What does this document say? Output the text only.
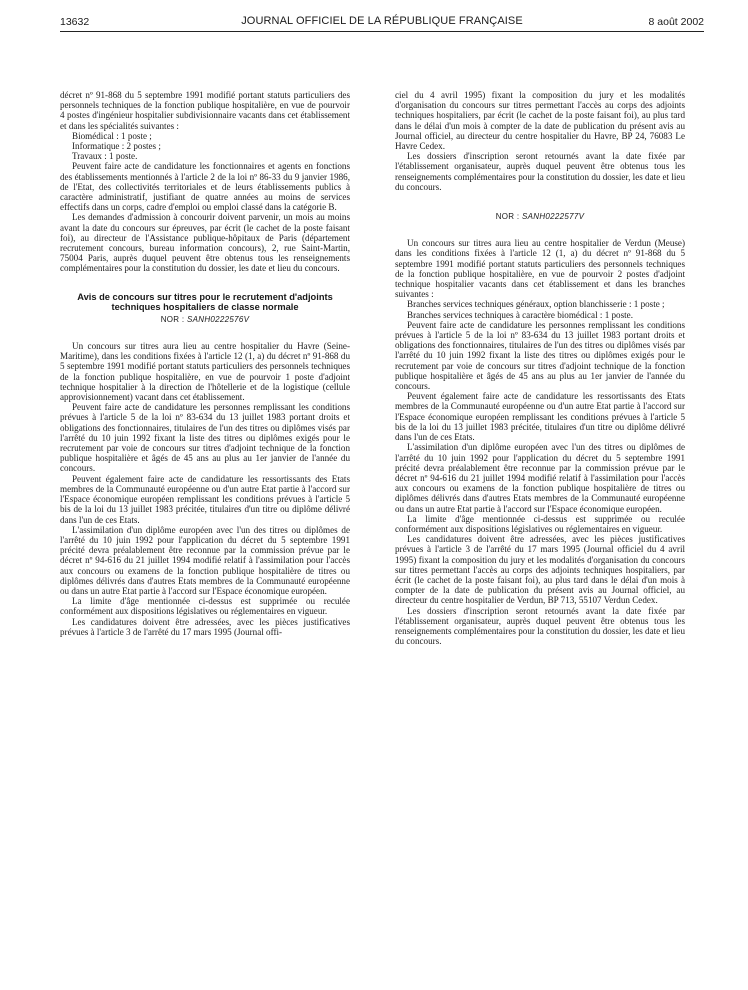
13632	JOURNAL OFFICIEL DE LA RÉPUBLIQUE FRANÇAISE	8 août 2002

décret nº 91-868 du 5 septembre 1991 modifié portant statuts particuliers des personnels techniques de la fonction publique hospitalière, en vue de pourvoir 4 postes d'ingénieur hospitalier subdivisionnaire vacants dans cet établissement et dans les spécialités suivantes :

Biomédical : 1 poste ;

Informatique : 2 postes ;

Travaux : 1 poste.

Peuvent faire acte de candidature les fonctionnaires et agents en fonctions des établissements mentionnés à l'article 2 de la loi nº 86-33 du 9 janvier 1986, de l'Etat, des collectivités territoriales et de leurs établissements publics à caractère administratif, justifiant de quatre années au moins de services effectifs dans un corps, cadre d'emploi ou emploi classé dans la catégorie B.

Les demandes d'admission à concourir doivent parvenir, un mois au moins avant la date du concours sur épreuves, par écrit (le cachet de la poste faisant foi), au directeur de l'Assistance publique-hôpitaux de Paris (département recrutement concours, bureau information concours), 2, rue Saint-Martin, 75004 Paris, auprès duquel peuvent être obtenus tous les renseignements complémentaires pour la constitution du dossier, les date et lieu du concours.

Avis de concours sur titres pour le recrutement d'adjoints techniques hospitaliers de classe normale

NOR : SANH0222576V

Un concours sur titres aura lieu au centre hospitalier du Havre (Seine-Maritime), dans les conditions fixées à l'article 12 (1, a) du décret nº 91-868 du 5 septembre 1991 modifié portant statuts particuliers des personnels techniques de la fonction publique hospitalière, en vue de pourvoir 1 poste d'adjoint technique hospitalier à la direction de l'hôtellerie et de la logistique (cellule approvisionnement) vacant dans cet établissement.

Peuvent faire acte de candidature les personnes remplissant les conditions prévues à l'article 5 de la loi nº 83-634 du 13 juillet 1983 portant droits et obligations des fonctionnaires, titulaires de l'un des titres ou diplômes visés par l'arrêté du 10 juin 1992 fixant la liste des titres ou diplômes exigés pour le recrutement par voie de concours sur titres d'adjoint technique de la fonction publique hospitalière et âgés de 45 ans au plus au 1er janvier de l'année du concours.

Peuvent également faire acte de candidature les ressortissants des Etats membres de la Communauté européenne ou d'un autre Etat partie à l'accord sur l'Espace économique européen remplissant les conditions prévues à l'article 5 bis de la loi du 13 juillet 1983 précitée, titulaires d'un titre ou diplôme délivré dans l'un de ces Etats.

L'assimilation d'un diplôme européen avec l'un des titres ou diplômes de l'arrêté du 10 juin 1992 pour l'application du décret du 5 septembre 1991 précité devra préalablement être reconnue par la commission prévue par le décret nº 94-616 du 21 juillet 1994 modifié relatif à l'assimilation pour l'accès aux concours ou examens de la fonction publique hospitalière de titres ou diplômes délivrés dans d'autres Etats membres de la Communauté européenne ou dans un autre Etat partie à l'accord sur l'Espace économique européen.

La limite d'âge mentionnée ci-dessus est supprimée ou reculée conformément aux dispositions législatives ou réglementaires en vigueur.

Les candidatures doivent être adressées, avec les pièces justificatives prévues à l'article 3 de l'arrêté du 17 mars 1995 (Journal offi-

ciel du 4 avril 1995) fixant la composition du jury et les modalités d'organisation du concours sur titres permettant l'accès au corps des adjoints techniques hospitaliers, par écrit (le cachet de la poste faisant foi), au plus tard dans le délai d'un mois à compter de la date de publication du présent avis au Journal officiel, au directeur du centre hospitalier du Havre, BP 24, 76083 Le Havre Cedex.

Les dossiers d'inscription seront retournés avant la date fixée par l'établissement organisateur, auprès duquel peuvent être obtenus tous les renseignements complémentaires pour la constitution du dossier, les date et lieu du concours.

NOR : SANH0222577V

Un concours sur titres aura lieu au centre hospitalier de Verdun (Meuse) dans les conditions fixées à l'article 12 (1, a) du décret nº 91-868 du 5 septembre 1991 modifié portant statuts particuliers des personnels techniques de la fonction publique hospitalière, en vue de pourvoir 2 postes d'adjoint technique hospitalier vacants dans cet établissement et dans les branches suivantes :

Branches services techniques généraux, option blanchisserie : 1 poste ;

Branches services techniques à caractère biomédical : 1 poste.

Peuvent faire acte de candidature les personnes remplissant les conditions prévues à l'article 5 de la loi nº 83-634 du 13 juillet 1983 portant droits et obligations des fonctionnaires, titulaires de l'un des titres ou diplômes visés par l'arrêté du 10 juin 1992 fixant la liste des titres ou diplômes exigés pour le recrutement par voie de concours sur titres d'adjoint technique de la fonction publique hospitalière et âgés de 45 ans au plus au 1er janvier de l'année du concours.

Peuvent également faire acte de candidature les ressortissants des Etats membres de la Communauté européenne ou d'un autre Etat partie à l'accord sur l'Espace économique européen remplissant les conditions prévues à l'article 5 bis de la loi du 13 juillet 1983 précitée, titulaires d'un titre ou diplôme délivré dans l'un de ces Etats.

L'assimilation d'un diplôme européen avec l'un des titres ou diplômes de l'arrêté du 10 juin 1992 pour l'application du décret du 5 septembre 1991 précité devra préalablement être reconnue par la commission prévue par le décret nº 94-616 du 21 juillet 1994 modifié relatif à l'assimilation pour l'accès aux concours ou examens de la fonction publique hospitalière de titres ou diplômes délivrés dans d'autres Etats membres de la Communauté européenne ou dans un autre Etat partie à l'accord sur l'Espace économique européen.

La limite d'âge mentionnée ci-dessus est supprimée ou reculée conformément aux dispositions législatives ou réglementaires en vigueur.

Les candidatures doivent être adressées, avec les pièces justificatives prévues à l'article 3 de l'arrêté du 17 mars 1995 (Journal officiel du 4 avril 1995) fixant la composition du jury et les modalités d'organisation du concours sur titres permettant l'accès au corps des adjoints techniques hospitaliers, par écrit (le cachet de la poste faisant foi), au plus tard dans le délai d'un mois à compter de la date de publication du présent avis au Journal officiel, au directeur du centre hospitalier de Verdun, BP 713, 55107 Verdun Cedex.

Les dossiers d'inscription seront retournés avant la date fixée par l'établissement organisateur, auprès duquel peuvent être obtenus tous les renseignements complémentaires pour la constitution du dossier, les date et lieu du concours.
